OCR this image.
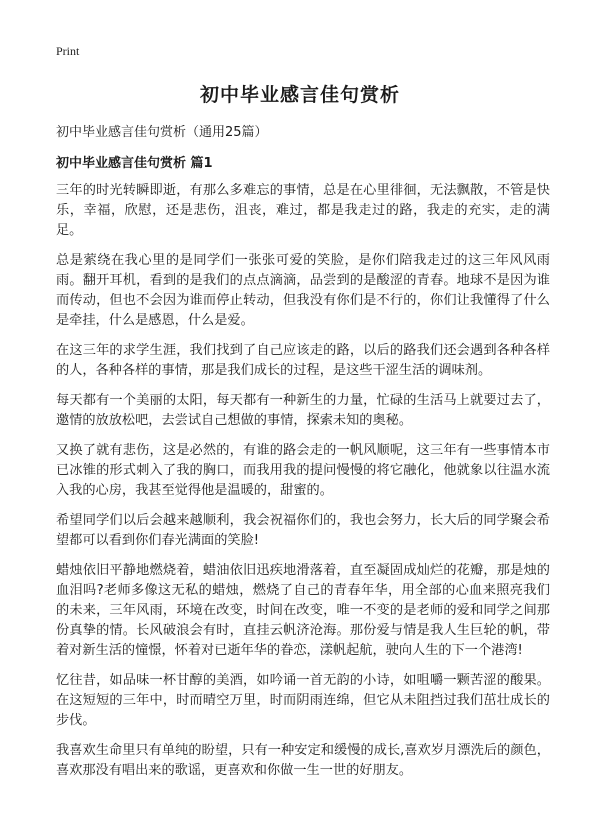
Print
初中毕业感言佳句赏析

初中毕业感言佳句赏析（通用25篇）

初中毕业感言佳句赏析 篇1

三年的时光转瞬即逝，有那么多难忘的事情，总是在心里徘徊，无法飘散，不管是快乐，幸福，欣慰，还是悲伤，沮丧，难过，都是我走过的路，我走的充实，走的满足。

总是萦绕在我心里的是同学们一张张可爱的笑脸，是你们陪我走过的这三年风风雨雨。翻开耳机，看到的是我们的点点滴滴，品尝到的是酸涩的青春。地球不是因为谁而传动，但也不会因为谁而停止转动，但我没有你们是不行的，你们让我懂得了什么是牵挂，什么是感恩，什么是爱。

在这三年的求学生涯，我们找到了自己应该走的路，以后的路我们还会遇到各种各样的人，各种各样的事情，那是我们成长的过程，是这些干涩生活的调味剂。

每天都有一个美丽的太阳，每天都有一种新生的力量，忙碌的生活马上就要过去了，邀情的放放松吧，去尝试自己想做的事情，探索未知的奥秘。

又换了就有悲伤，这是必然的，有谁的路会走的一帆风顺呢，这三年有一些事情本市已冰锥的形式刺入了我的胸口，而我用我的提问慢慢的将它融化，他就象以往温水流入我的心房，我甚至觉得他是温暖的，甜蜜的。

希望同学们以后会越来越顺利，我会祝福你们的，我也会努力，长大后的同学聚会希望都可以看到你们春光满面的笑脸!

蜡烛依旧平静地燃烧着，蜡油依旧迅疾地滑落着，直至凝固成灿烂的花瓣，那是烛的血泪吗?老师多像这无私的蜡烛，燃烧了自己的青春年华，用全部的心血来照亮我们的未来，三年风雨，环境在改变，时间在改变，唯一不变的是老师的爱和同学之间那份真挚的情。长风破浪会有时，直挂云帆济沧海。那份爱与情是我人生巨轮的帆，带着对新生活的憧憬，怀着对已逝年华的眷恋，漾帆起航，驶向人生的下一个港湾!

忆往昔，如品味一杯甘醇的美酒，如吟诵一首无韵的小诗，如咀嚼一颗苦涩的酸果。在这短短的三年中，时而晴空万里，时而阴雨连绵，但它从未阻挡过我们茁壮成长的步伐。

我喜欢生命里只有单纯的盼望，只有一种安定和缓慢的成长,喜欢岁月漂洗后的颜色，喜欢那没有唱出来的歌谣，更喜欢和你做一生一世的好朋友。
